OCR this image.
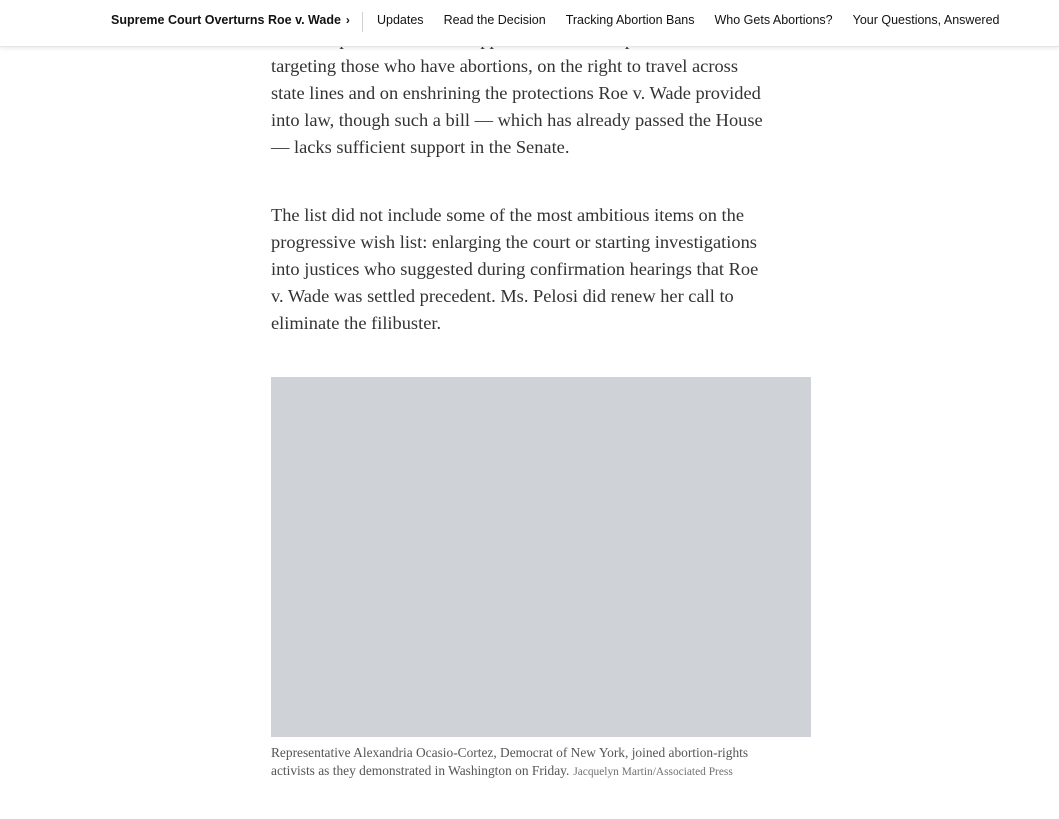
Supreme Court Overturns Roe v. Wade › Updates Read the Decision Tracking Abortion Bans Who Gets Abortions? Your Questions, Answered

targeting those who have abortions, on the right to travel across
state lines and on enshrining the protections Roe v. Wade provided
into law, though such a bill — which has already passed the House
— lacks sufficient support in the Senate.

The list did not include some of the most ambitious items on the
progressive wish list: enlarging the court or starting investigations
into justices who suggested during confirmation hearings that Roe
v. Wade was settled precedent. Ms. Pelosi did renew her call to
eliminate the filibuster.

Representative Alexandria Ocasio-Cortez, Democrat of New York, joined abortion-rights activists as they demonstrated in Washington on Friday. Jacquelyn Martin/Associated Press
